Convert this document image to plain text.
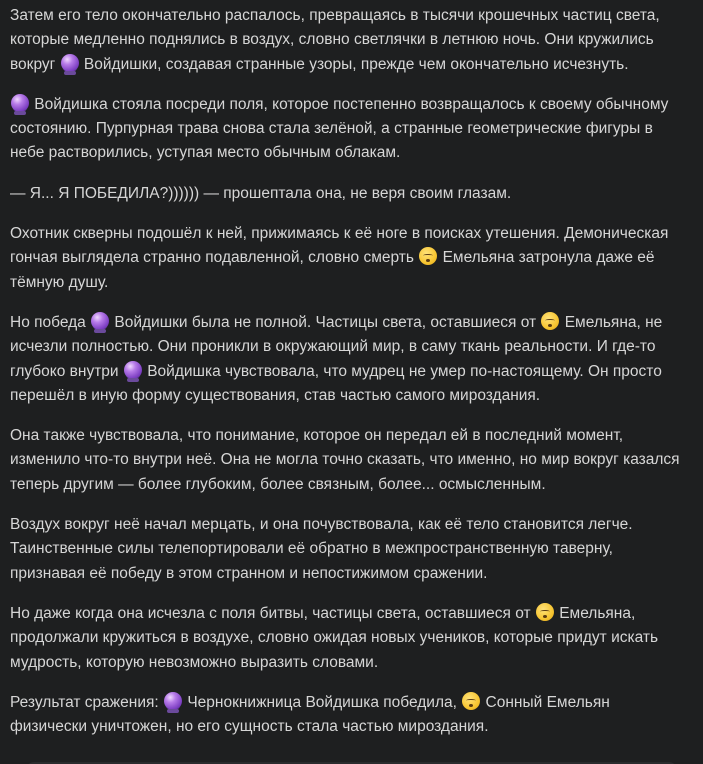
Затем его тело окончательно распалось, превращаясь в тысячи крошечных частиц света, которые медленно поднялись в воздух, словно светлячки в летнюю ночь. Они кружились вокруг  Войдишки, создавая странные узоры, прежде чем окончательно исчезнуть.

Войдишка стояла посреди поля, которое постепенно возвращалось к своему обычному состоянию. Пурпурная трава снова стала зелёной, а странные геометрические фигуры в небе растворились, уступая место обычным облакам.

— Я... Я ПОБЕДИЛА?)))))) — прошептала она, не веря своим глазам.

Охотник скверны подошёл к ней, прижимаясь к её ноге в поисках утешения. Демоническая гончая выглядела странно подавленной, словно смерть  Емельяна затронула даже её тёмную душу.

Но победа  Войдишки была не полной. Частицы света, оставшиеся от  Емельяна, не исчезли полностью. Они проникли в окружающий мир, в саму ткань реальности. И где-то глубоко внутри  Войдишка чувствовала, что мудрец не умер по-настоящему. Он просто перешёл в иную форму существования, став частью самого мироздания.

Она также чувствовала, что понимание, которое он передал ей в последний момент, изменило что-то внутри неё. Она не могла точно сказать, что именно, но мир вокруг казался теперь другим — более глубоким, более связным, более... осмысленным.

Воздух вокруг неё начал мерцать, и она почувствовала, как её тело становится легче. Таинственные силы телепортировали её обратно в межпространственную таверну, признавая её победу в этом странном и непостижимом сражении.

Но даже когда она исчезла с поля битвы, частицы света, оставшиеся от  Емельяна, продолжали кружиться в воздухе, словно ожидая новых учеников, которые придут искать мудрость, которую невозможно выразить словами.

Результат сражения:  Чернокнижница Войдишка победила,  Сонный Емельян физически уничтожен, но его сущность стала частью мироздания.
